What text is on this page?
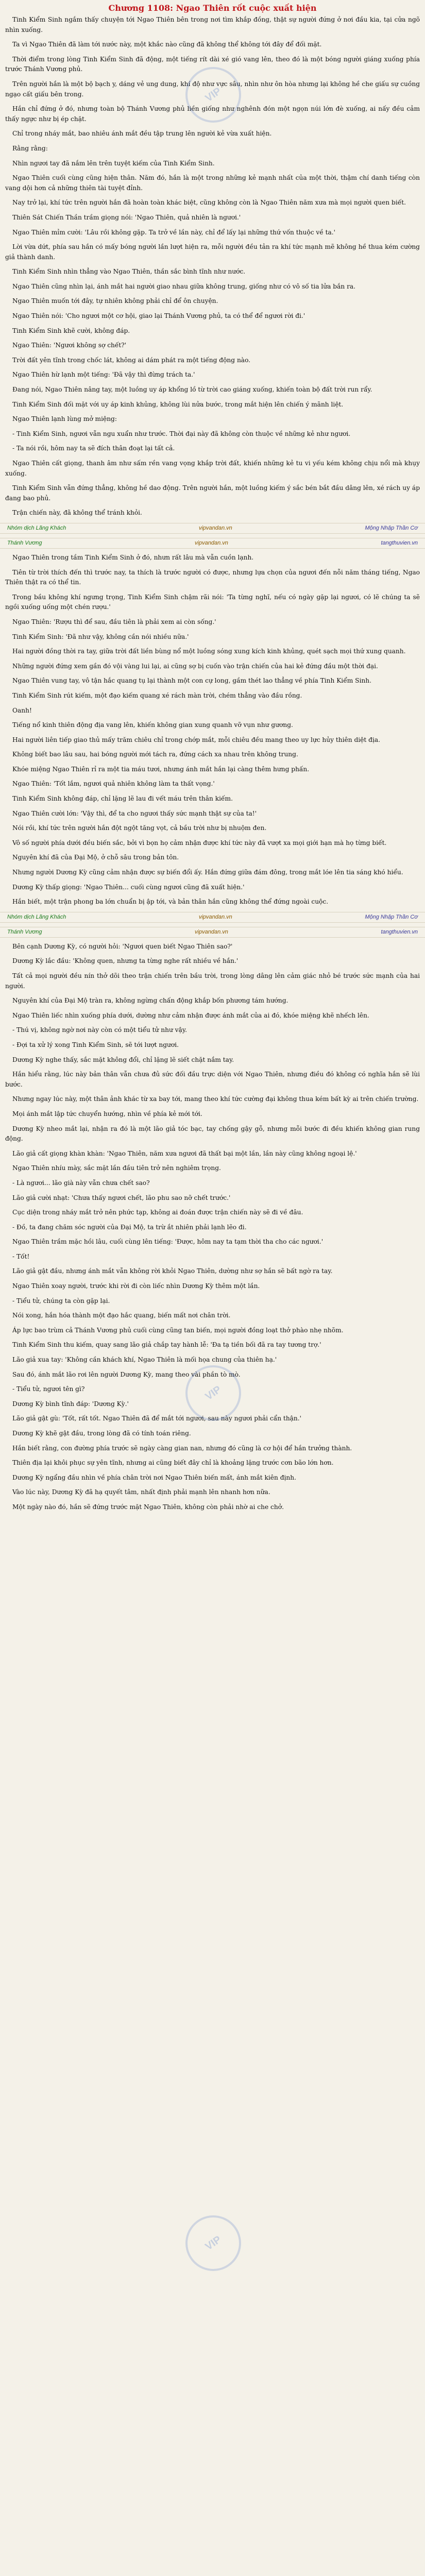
Chương 1108: Ngao Thiên rốt cuộc xuất hiện

Tinh Kiểm Sinh ngắm thấy chuyện tới Ngao Thiên bên trong nơi tìm khắp đồng, thật sự người đứng ở nơi đầu kia, tại cửa ngõ nhìn xuống.

Ta vì Ngao Thiên đã làm tới nước này, một khắc nào cũng đã không thể không tới đây để đối mặt.

Thời điểm trong lòng Tinh Kiểm Sinh đã động, một tiếng rít dài xé gió vang lên, theo đó là một bóng người giáng xuống phía trước Thánh Vương phủ.

Trên người hắn là một bộ bạch y, dáng vẻ ung dung, khí độ như vực sâu, nhìn như ôn hòa nhưng lại không hề che giấu sự cuồng ngạo cất giấu bên trong.

Hắn chỉ đứng ở đó, nhưng toàn bộ Thánh Vương phủ liền giống như nghênh đón một ngọn núi lớn đè xuống, ai nấy đều cảm thấy ngực như bị ép chặt.

Chỉ trong nháy mắt, bao nhiêu ánh mắt đều tập trung lên người kẻ vừa xuất hiện.

Rằng rằng:

Nhìn ngươi tay đã nắm lên trên tuyệt kiếm của Tinh Kiểm Sinh.

Ngao Thiên cuối cùng cũng hiện thân. Năm đó, hắn là một trong những kẻ mạnh nhất của một thời, thậm chí danh tiếng còn vang dội hơn cả những thiên tài tuyệt đỉnh.

Nay trở lại, khí tức trên người hắn đã hoàn toàn khác biệt, cũng không còn là Ngao Thiên năm xưa mà mọi người quen biết.

Thiên Sát Chiến Thần trầm giọng nói: 'Ngao Thiên, quả nhiên là ngươi.'

Ngao Thiên mỉm cười: 'Lâu rồi không gặp. Ta trở về lần này, chỉ để lấy lại những thứ vốn thuộc về ta.'

Lời vừa dứt, phía sau hắn có mấy bóng người lần lượt hiện ra, mỗi người đều tản ra khí tức mạnh mẽ không hề thua kém cường giả thành danh.

Tinh Kiểm Sinh nhìn thẳng vào Ngao Thiên, thần sắc bình tĩnh như nước.

Ngao Thiên cũng nhìn lại, ánh mắt hai người giao nhau giữa không trung, giống như có vô số tia lửa bắn ra.

Ngao Thiên muốn tới đây, tự nhiên không phải chỉ để ôn chuyện.

Ngao Thiên nói: 'Cho ngươi một cơ hội, giao lại Thánh Vương phủ, ta có thể để ngươi rời đi.'

Tinh Kiểm Sinh khẽ cười, không đáp.

Ngao Thiên: 'Ngươi không sợ chết?'

Trời đất yên tĩnh trong chốc lát, không ai dám phát ra một tiếng động nào.

Ngao Thiên hừ lạnh một tiếng: 'Đã vậy thì đừng trách ta.'

Đang nói, Ngao Thiên nâng tay, một luồng uy áp khổng lồ từ trời cao giáng xuống, khiến toàn bộ đất trời run rẩy.

Tinh Kiểm Sinh đối mặt với uy áp kinh khủng, không lùi nửa bước, trong mắt hiện lên chiến ý mãnh liệt.

Ngao Thiên lạnh lùng mở miệng:

- Tinh Kiểm Sinh, ngươi vẫn ngu xuẩn như trước. Thời đại này đã không còn thuộc về những kẻ như ngươi.

- Ta nói rồi, hôm nay ta sẽ đích thân đoạt lại tất cả.

Ngao Thiên cất giọng, thanh âm như sấm rền vang vọng khắp trời đất, khiến những kẻ tu vi yếu kém không chịu nổi mà khụy xuống.

Tinh Kiểm Sinh vẫn đứng thẳng, không hề dao động. Trên người hắn, một luồng kiếm ý sắc bén bắt đầu dâng lên, xé rách uy áp đang bao phủ.

Trận chiến này, đã không thể tránh khỏi.

Nhóm dịch Lãng Khách	vipvandan.vn	Mộng Nhập Thần Cơ
Thánh Vương	vipvandan.vn	tangthuvien.vn

Ngao Thiên trong tầm Tinh Kiểm Sinh ở đó, nhưn rất lâu mà vẫn cuồn lạnh.

Tiên từ trời thích đến thì trước nay, ta thích là trước người có được, nhưng lựa chọn của ngươi đến nỗi năm tháng tiếng, Ngao Thiên thật ra có thể tin.

Trong bầu không khí ngưng trọng, Tinh Kiểm Sinh chậm rãi nói: 'Ta từng nghĩ, nếu có ngày gặp lại ngươi, có lẽ chúng ta sẽ ngồi xuống uống một chén rượu.'

Ngao Thiên: 'Rượu thì để sau, đầu tiên là phải xem ai còn sống.'

Tinh Kiểm Sinh: 'Đã như vậy, không cần nói nhiều nữa.'

Hai người đồng thời ra tay, giữa trời đất liền bùng nổ một luồng sóng xung kích kinh khủng, quét sạch mọi thứ xung quanh.

Những người đứng xem gần đó vội vàng lui lại, ai cũng sợ bị cuốn vào trận chiến của hai kẻ đứng đầu một thời đại.

Ngao Thiên vung tay, vô tận hắc quang tụ lại thành một con cự long, gầm thét lao thẳng về phía Tinh Kiểm Sinh.

Tinh Kiểm Sinh rút kiếm, một đạo kiếm quang xé rách màn trời, chém thẳng vào đầu rồng.

Oanh!

Tiếng nổ kinh thiên động địa vang lên, khiến không gian xung quanh vỡ vụn như gương.

Hai người liên tiếp giao thủ mấy trăm chiêu chỉ trong chớp mắt, mỗi chiêu đều mang theo uy lực hủy thiên diệt địa.

Không biết bao lâu sau, hai bóng người mới tách ra, đứng cách xa nhau trên không trung.

Khóe miệng Ngao Thiên rỉ ra một tia máu tươi, nhưng ánh mắt hắn lại càng thêm hưng phấn.

Ngao Thiên: 'Tốt lắm, ngươi quả nhiên không làm ta thất vọng.'

Tinh Kiểm Sinh không đáp, chỉ lặng lẽ lau đi vết máu trên thân kiếm.

Ngao Thiên cười lớn: 'Vậy thì, để ta cho ngươi thấy sức mạnh thật sự của ta!'

Nói rồi, khí tức trên người hắn đột ngột tăng vọt, cả bầu trời như bị nhuộm đen.

Vô số người phía dưới đều biến sắc, bởi vì bọn họ cảm nhận được khí tức này đã vượt xa mọi giới hạn mà họ từng biết.

Nguyên khí đã của Đại Mộ, ở chỗ sâu trong bản tôn.

Nhưng người Dương Kỳ cũng cảm nhận được sự biến đổi ấy. Hắn đứng giữa đám đông, trong mắt lóe lên tia sáng khó hiểu.

Dương Kỳ thấp giọng: 'Ngao Thiên... cuối cùng ngươi cũng đã xuất hiện.'

Hắn biết, một trận phong ba lớn chuẩn bị ập tới, và bản thân hắn cũng không thể đứng ngoài cuộc.

Nhóm dịch Lãng Khách	vipvandan.vn	Mộng Nhập Thần Cơ
Thánh Vương	vipvandan.vn	tangthuvien.vn

Bên cạnh Dương Kỳ, có người hỏi: 'Ngươi quen biết Ngao Thiên sao?'

Dương Kỳ lắc đầu: 'Không quen, nhưng ta từng nghe rất nhiều về hắn.'

Tất cả mọi người đều nín thở dõi theo trận chiến trên bầu trời, trong lòng dâng lên cảm giác nhỏ bé trước sức mạnh của hai người.

Nguyên khí của Đại Mộ tràn ra, không ngừng chấn động khắp bốn phương tám hướng.

Ngao Thiên liếc nhìn xuống phía dưới, dường như cảm nhận được ánh mắt của ai đó, khóe miệng khẽ nhếch lên.

- Thú vị, không ngờ nơi này còn có một tiểu tử như vậy.

- Đợi ta xử lý xong Tinh Kiểm Sinh, sẽ tới lượt ngươi.

Dương Kỳ nghe thấy, sắc mặt không đổi, chỉ lặng lẽ siết chặt nắm tay.

Hắn hiểu rằng, lúc này bản thân vẫn chưa đủ sức đối đầu trực diện với Ngao Thiên, nhưng điều đó không có nghĩa hắn sẽ lùi bước.

Nhưng ngay lúc này, một thân ảnh khác từ xa bay tới, mang theo khí tức cường đại không thua kém bất kỳ ai trên chiến trường.

Mọi ánh mắt lập tức chuyển hướng, nhìn về phía kẻ mới tới.

Dương Kỳ nheo mắt lại, nhận ra đó là một lão giả tóc bạc, tay chống gậy gỗ, nhưng mỗi bước đi đều khiến không gian rung động.

Lão giả cất giọng khàn khàn: 'Ngao Thiên, năm xưa ngươi đã thất bại một lần, lần này cũng không ngoại lệ.'

Ngao Thiên nhíu mày, sắc mặt lần đầu tiên trở nên nghiêm trọng.

- Là ngươi... lão già này vẫn chưa chết sao?

Lão giả cười nhạt: 'Chưa thấy ngươi chết, lão phu sao nỡ chết trước.'

Cục diện trong nháy mắt trở nên phức tạp, không ai đoán được trận chiến này sẽ đi về đâu.

- Đồ, ta đang chăm sóc người của Đại Mộ, ta trừ ắt nhiên phải lạnh lẽo đi.

Ngao Thiên trầm mặc hồi lâu, cuối cùng lên tiếng: 'Được, hôm nay ta tạm thời tha cho các ngươi.'

- Tốt!

Lão giả gật đầu, nhưng ánh mắt vẫn không rời khỏi Ngao Thiên, dường như sợ hắn sẽ bất ngờ ra tay.

Ngao Thiên xoay người, trước khi rời đi còn liếc nhìn Dương Kỳ thêm một lần.

- Tiểu tử, chúng ta còn gặp lại.

Nói xong, hắn hóa thành một đạo hắc quang, biến mất nơi chân trời.

Áp lực bao trùm cả Thánh Vương phủ cuối cùng cũng tan biến, mọi người đồng loạt thở phào nhẹ nhõm.

Tinh Kiểm Sinh thu kiếm, quay sang lão giả chắp tay hành lễ: 'Đa tạ tiền bối đã ra tay tương trợ.'

Lão giả xua tay: 'Không cần khách khí, Ngao Thiên là mối họa chung của thiên hạ.'

Sau đó, ánh mắt lão rơi lên người Dương Kỳ, mang theo vài phần tò mò.

- Tiểu tử, ngươi tên gì?

Dương Kỳ bình tĩnh đáp: 'Dương Kỳ.'

Lão giả gật gù: 'Tốt, rất tốt. Ngao Thiên đã để mắt tới ngươi, sau này ngươi phải cẩn thận.'

Dương Kỳ khẽ gật đầu, trong lòng đã có tính toán riêng.

Hắn biết rằng, con đường phía trước sẽ ngày càng gian nan, nhưng đó cũng là cơ hội để hắn trưởng thành.

Thiên địa lại khôi phục sự yên tĩnh, nhưng ai cũng biết đây chỉ là khoảng lặng trước cơn bão lớn hơn.

Dương Kỳ ngẩng đầu nhìn về phía chân trời nơi Ngao Thiên biến mất, ánh mắt kiên định.

Vào lúc này, Dương Kỳ đã hạ quyết tâm, nhất định phải mạnh lên nhanh hơn nữa.

Một ngày nào đó, hắn sẽ đứng trước mặt Ngao Thiên, không còn phải nhờ ai che chở.

VIP
VIP
VIP
